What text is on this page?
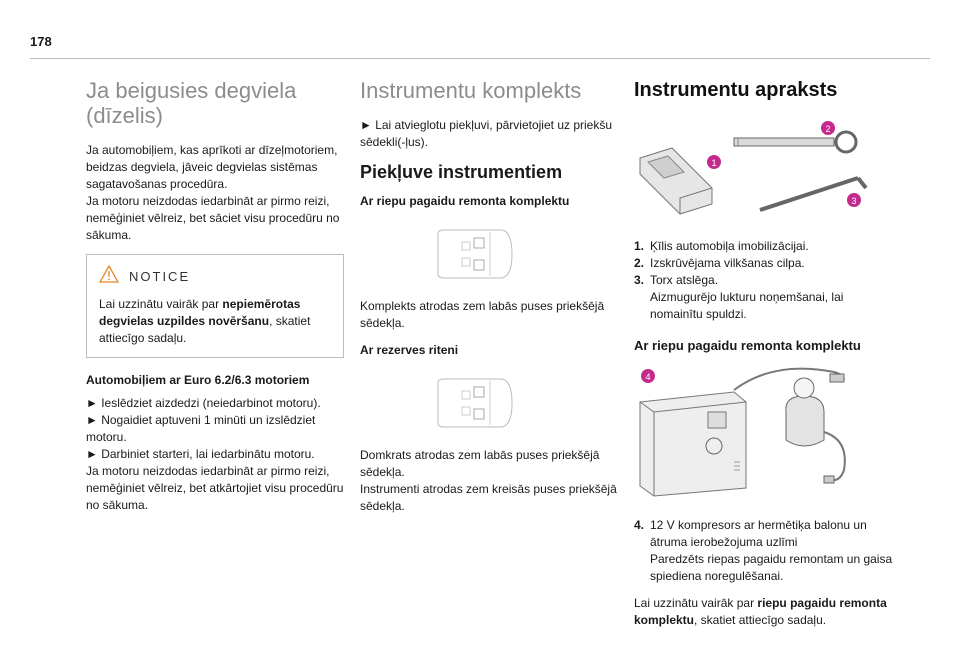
178
Ja beigusies degviela (dīzelis)

Ja automobiļiem, kas aprīkoti ar dīzeļmotoriem, beidzas degviela, jāveic degvielas sistēmas sagatavošanas procedūra.
Ja motoru neizdodas iedarbināt ar pirmo reizi, nemēģiniet vēlreiz, bet sāciet visu procedūru no sākuma.

NOTICE
Lai uzzinātu vairāk par nepiemērotas degvielas uzpildes novēršanu, skatiet attiecīgo sadaļu.
Automobiļiem ar Euro 6.2/6.3 motoriem

► Ieslēdziet aizdedzi (neiedarbinot motoru).
► Nogaidiet aptuveni 1 minūti un izslēdziet motoru.
► Darbiniet starteri, lai iedarbinātu motoru.
Ja motoru neizdodas iedarbināt ar pirmo reizi, nemēģiniet vēlreiz, bet atkārtojiet visu procedūru no sākuma.

Instrumentu komplekts

► Lai atvieglotu piekļuvi, pārvietojiet uz priekšu sēdekli(-ļus).

Piekļuve instrumentiem
Ar riepu pagaidu remonta komplektu

Komplekts atrodas zem labās puses priekšējā sēdekļa.

Ar rezerves riteni

Domkrats atrodas zem labās puses priekšējā sēdekļa.
Instrumenti atrodas zem kreisās puses priekšējā sēdekļa.

Instrumentu apraksts
1
2
3
1. Ķīlis automobiļa imobilizācijai.
2. Izskrūvējama vilkšanas cilpa.
3. Torx atslēga.
Aizmugurējo lukturu noņemšanai, lai nomainītu spuldzi.
Ar riepu pagaidu remonta komplektu
4
4. 12 V kompresors ar hermētiķa balonu un ātruma ierobežojuma uzlīmi
Paredzēts riepas pagaidu remontam un gaisa spiediena noregulēšanai.

Lai uzzinātu vairāk par riepu pagaidu remonta komplektu, skatiet attiecīgo sadaļu.
